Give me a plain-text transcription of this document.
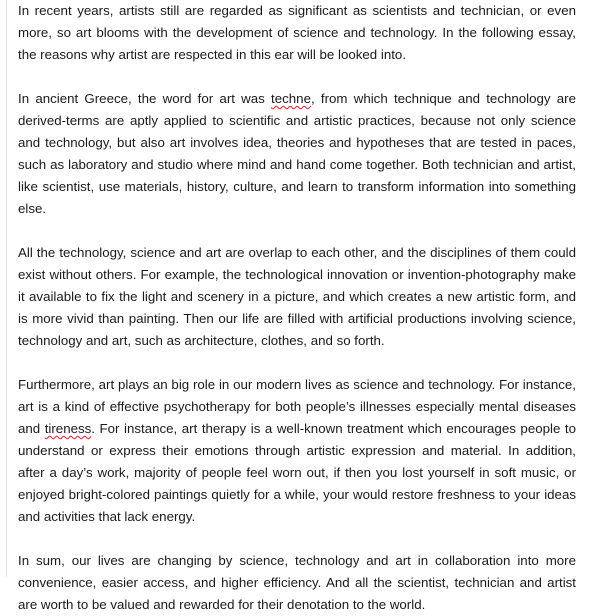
In recent years, artists still are regarded as significant as scientists and technician, or even more, so art blooms with the development of science and technology. In the following essay, the reasons why artist are respected in this ear will be looked into.

In ancient Greece, the word for art was techne, from which technique and technology are derived-terms are aptly applied to scientific and artistic practices, because not only science and technology, but also art involves idea, theories and hypotheses that are tested in paces, such as laboratory and studio where mind and hand come together. Both technician and artist, like scientist, use materials, history, culture, and learn to transform information into something else.

All the technology, science and art are overlap to each other, and the disciplines of them could exist without others. For example, the technological innovation or invention-photography make it available to fix the light and scenery in a picture, and which creates a new artistic form, and is more vivid than painting. Then our life are filled with artificial productions involving science, technology and art, such as architecture, clothes, and so forth.

Furthermore, art plays an big role in our modern lives as science and technology. For instance, art is a kind of effective psychotherapy for both people’s illnesses especially mental diseases and tireness. For instance, art therapy is a well-known treatment which encourages people to understand or express their emotions through artistic expression and material. In addition, after a day’s work, majority of people feel worn out, if then you lost yourself in soft music, or enjoyed bright-colored paintings quietly for a while, your would restore freshness to your ideas and activities that lack energy.

In sum, our lives are changing by science, technology and art in collaboration into more convenience, easier access, and higher efficiency. And all the scientist, technician and artist are worth to be valued and rewarded for their denotation to the world.
